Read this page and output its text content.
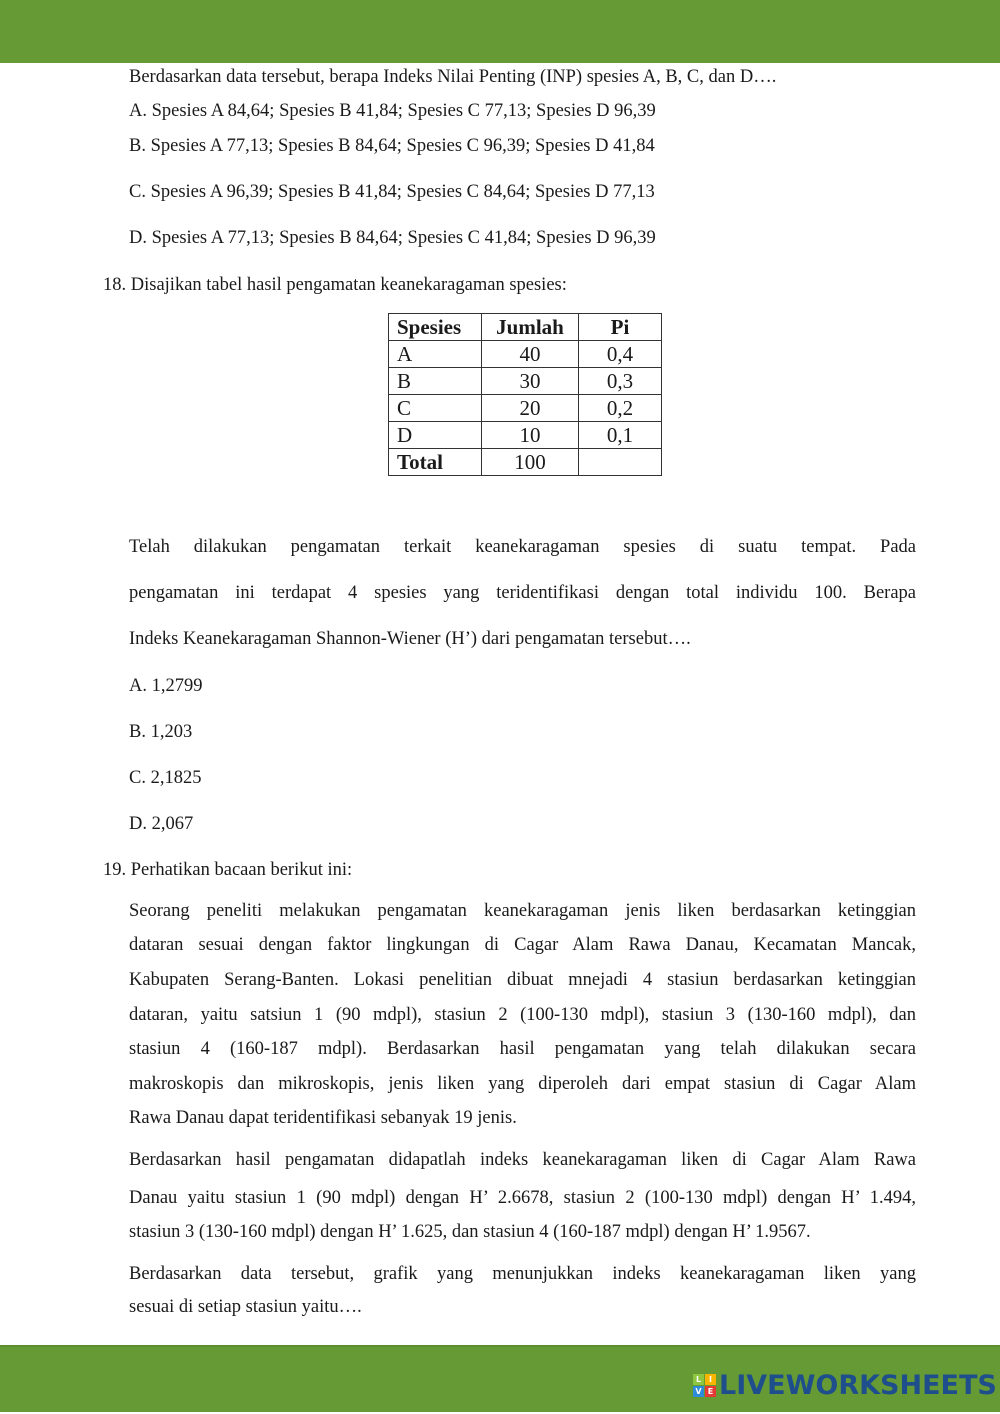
Berdasarkan data tersebut, berapa Indeks Nilai Penting (INP) spesies A, B, C, dan D….
A. Spesies A 84,64; Spesies B 41,84; Spesies C 77,13; Spesies D 96,39
B. Spesies A 77,13; Spesies B 84,64; Spesies C 96,39; Spesies D 41,84
C. Spesies A 96,39; Spesies B 41,84; Spesies C 84,64; Spesies D 77,13
D. Spesies A 77,13; Spesies B 84,64; Spesies C 41,84; Spesies D 96,39
18. Disajikan tabel hasil pengamatan keanekaragaman spesies:
Spesies	Jumlah	Pi
A	40	0,4
B	30	0,3
C	20	0,2
D	10	0,1
Total	100	
Telah dilakukan pengamatan terkait keanekaragaman spesies di suatu tempat. Pada
pengamatan ini terdapat 4 spesies yang teridentifikasi dengan total individu 100. Berapa
Indeks Keanekaragaman Shannon-Wiener (H’) dari pengamatan tersebut….
A. 1,2799
B. 1,203
C. 2,1825
D. 2,067
19. Perhatikan bacaan berikut ini:
Seorang peneliti melakukan pengamatan keanekaragaman jenis liken berdasarkan ketinggian
dataran sesuai dengan faktor lingkungan di Cagar Alam Rawa Danau, Kecamatan Mancak,
Kabupaten Serang-Banten. Lokasi penelitian dibuat mnejadi 4 stasiun berdasarkan ketinggian
dataran, yaitu satsiun 1 (90 mdpl), stasiun 2 (100-130 mdpl), stasiun 3 (130-160 mdpl), dan
stasiun 4 (160-187 mdpl). Berdasarkan hasil pengamatan yang telah dilakukan secara
makroskopis dan mikroskopis, jenis liken yang diperoleh dari empat stasiun di Cagar Alam
Rawa Danau dapat teridentifikasi sebanyak 19 jenis.
Berdasarkan hasil pengamatan didapatlah indeks keanekaragaman liken di Cagar Alam Rawa
Danau yaitu stasiun 1 (90 mdpl) dengan H’ 2.6678, stasiun 2 (100-130 mdpl) dengan H’ 1.494,
stasiun 3 (130-160 mdpl) dengan H’ 1.625, dan stasiun 4 (160-187 mdpl) dengan H’ 1.9567.
Berdasarkan data tersebut, grafik yang menunjukkan indeks keanekaragaman liken yang
sesuai di setiap stasiun yaitu….
L I
V E LIVEWORKSHEETS
